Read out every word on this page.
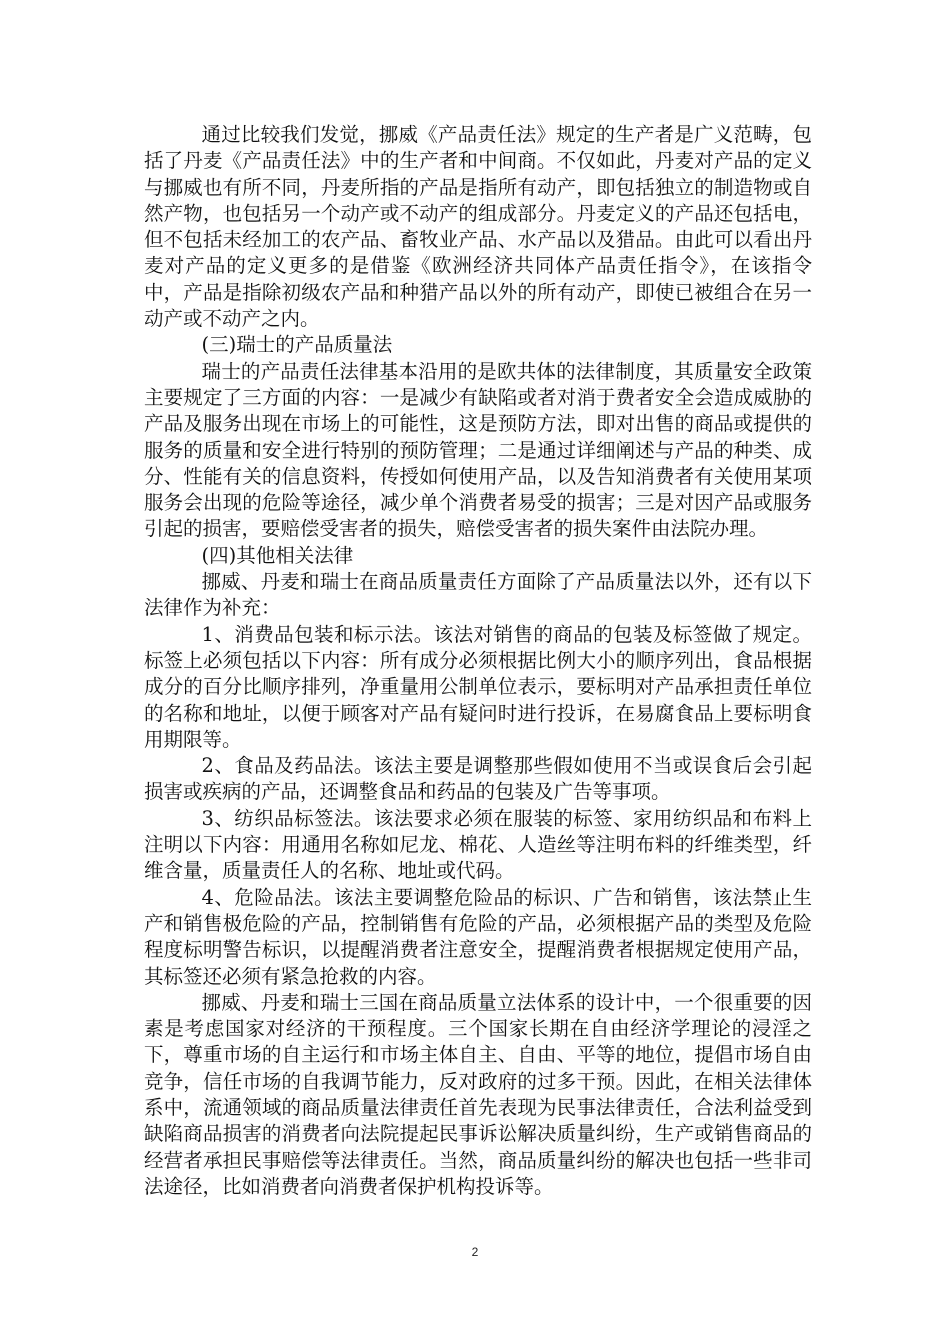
通过比较我们发觉，挪威《产品责任法》规定的生产者是广义范畴，包括了丹麦《产品责任法》中的生产者和中间商。不仅如此，丹麦对产品的定义与挪威也有所不同，丹麦所指的产品是指所有动产，即包括独立的制造物或自然产物，也包括另一个动产或不动产的组成部分。丹麦定义的产品还包括电，但不包括未经加工的农产品、畜牧业产品、水产品以及猎品。由此可以看出丹麦对产品的定义更多的是借鉴《欧洲经济共同体产品责任指令》，在该指令中，产品是指除初级农产品和种猎产品以外的所有动产，即使已被组合在另一动产或不动产之内。

(三)瑞士的产品质量法

瑞士的产品责任法律基本沿用的是欧共体的法律制度，其质量安全政策主要规定了三方面的内容：一是减少有缺陷或者对消于费者安全会造成威胁的产品及服务出现在市场上的可能性，这是预防方法，即对出售的商品或提供的服务的质量和安全进行特别的预防管理；二是通过详细阐述与产品的种类、成分、性能有关的信息资料，传授如何使用产品，以及告知消费者有关使用某项服务会出现的危险等途径，减少单个消费者易受的损害；三是对因产品或服务引起的损害，要赔偿受害者的损失，赔偿受害者的损失案件由法院办理。

(四)其他相关法律

挪威、丹麦和瑞士在商品质量责任方面除了产品质量法以外，还有以下法律作为补充：

1、消费品包装和标示法。该法对销售的商品的包装及标签做了规定。标签上必须包括以下内容：所有成分必须根据比例大小的顺序列出，食品根据成分的百分比顺序排列，净重量用公制单位表示，要标明对产品承担责任单位的名称和地址，以便于顾客对产品有疑问时进行投诉，在易腐食品上要标明食用期限等。

2、食品及药品法。该法主要是调整那些假如使用不当或误食后会引起损害或疾病的产品，还调整食品和药品的包装及广告等事项。

3、纺织品标签法。该法要求必须在服装的标签、家用纺织品和布料上注明以下内容：用通用名称如尼龙、棉花、人造丝等注明布料的纤维类型，纤维含量，质量责任人的名称、地址或代码。

4、危险品法。该法主要调整危险品的标识、广告和销售，该法禁止生产和销售极危险的产品，控制销售有危险的产品，必须根据产品的类型及危险程度标明警告标识，以提醒消费者注意安全，提醒消费者根据规定使用产品，其标签还必须有紧急抢救的内容。

挪威、丹麦和瑞士三国在商品质量立法体系的设计中，一个很重要的因素是考虑国家对经济的干预程度。三个国家长期在自由经济学理论的浸淫之下，尊重市场的自主运行和市场主体自主、自由、平等的地位，提倡市场自由竞争，信任市场的自我调节能力，反对政府的过多干预。因此，在相关法律体系中，流通领域的商品质量法律责任首先表现为民事法律责任，合法利益受到缺陷商品损害的消费者向法院提起民事诉讼解决质量纠纷，生产或销售商品的经营者承担民事赔偿等法律责任。当然，商品质量纠纷的解决也包括一些非司法途径，比如消费者向消费者保护机构投诉等。

2
